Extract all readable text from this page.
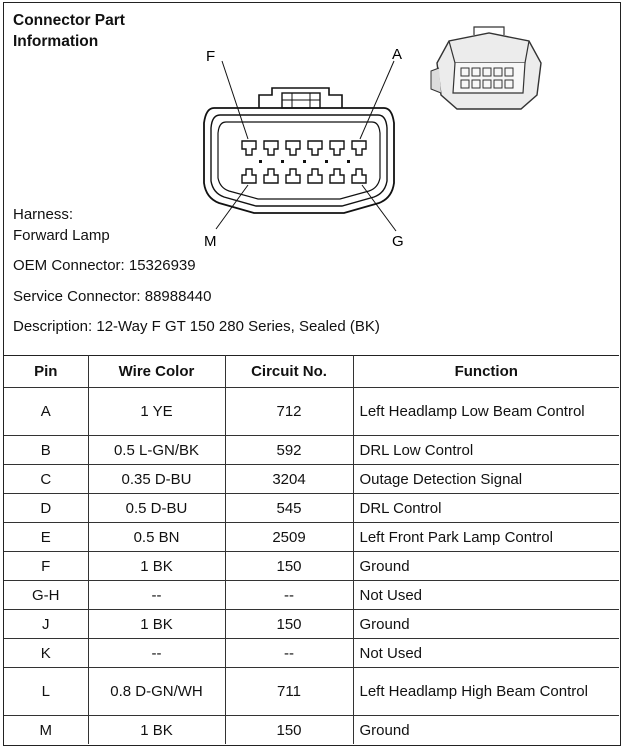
Connector Part Information
F	A
M	G
Harness:
Forward Lamp
OEM Connector: 15326939
Service Connector: 88988440
Description: 12-Way F GT 150 280 Series, Sealed (BK)
Pin	Wire Color	Circuit No.	Function
A	1 YE	712	Left Headlamp Low Beam Control
B	0.5 L-GN/BK	592	DRL Low Control
C	0.35 D-BU	3204	Outage Detection Signal
D	0.5 D-BU	545	DRL Control
E	0.5 BN	2509	Left Front Park Lamp Control
F	1 BK	150	Ground
G-H	--	--	Not Used
J	1 BK	150	Ground
K	--	--	Not Used
L	0.8 D-GN/WH	711	Left Headlamp High Beam Control
M	1 BK	150	Ground
